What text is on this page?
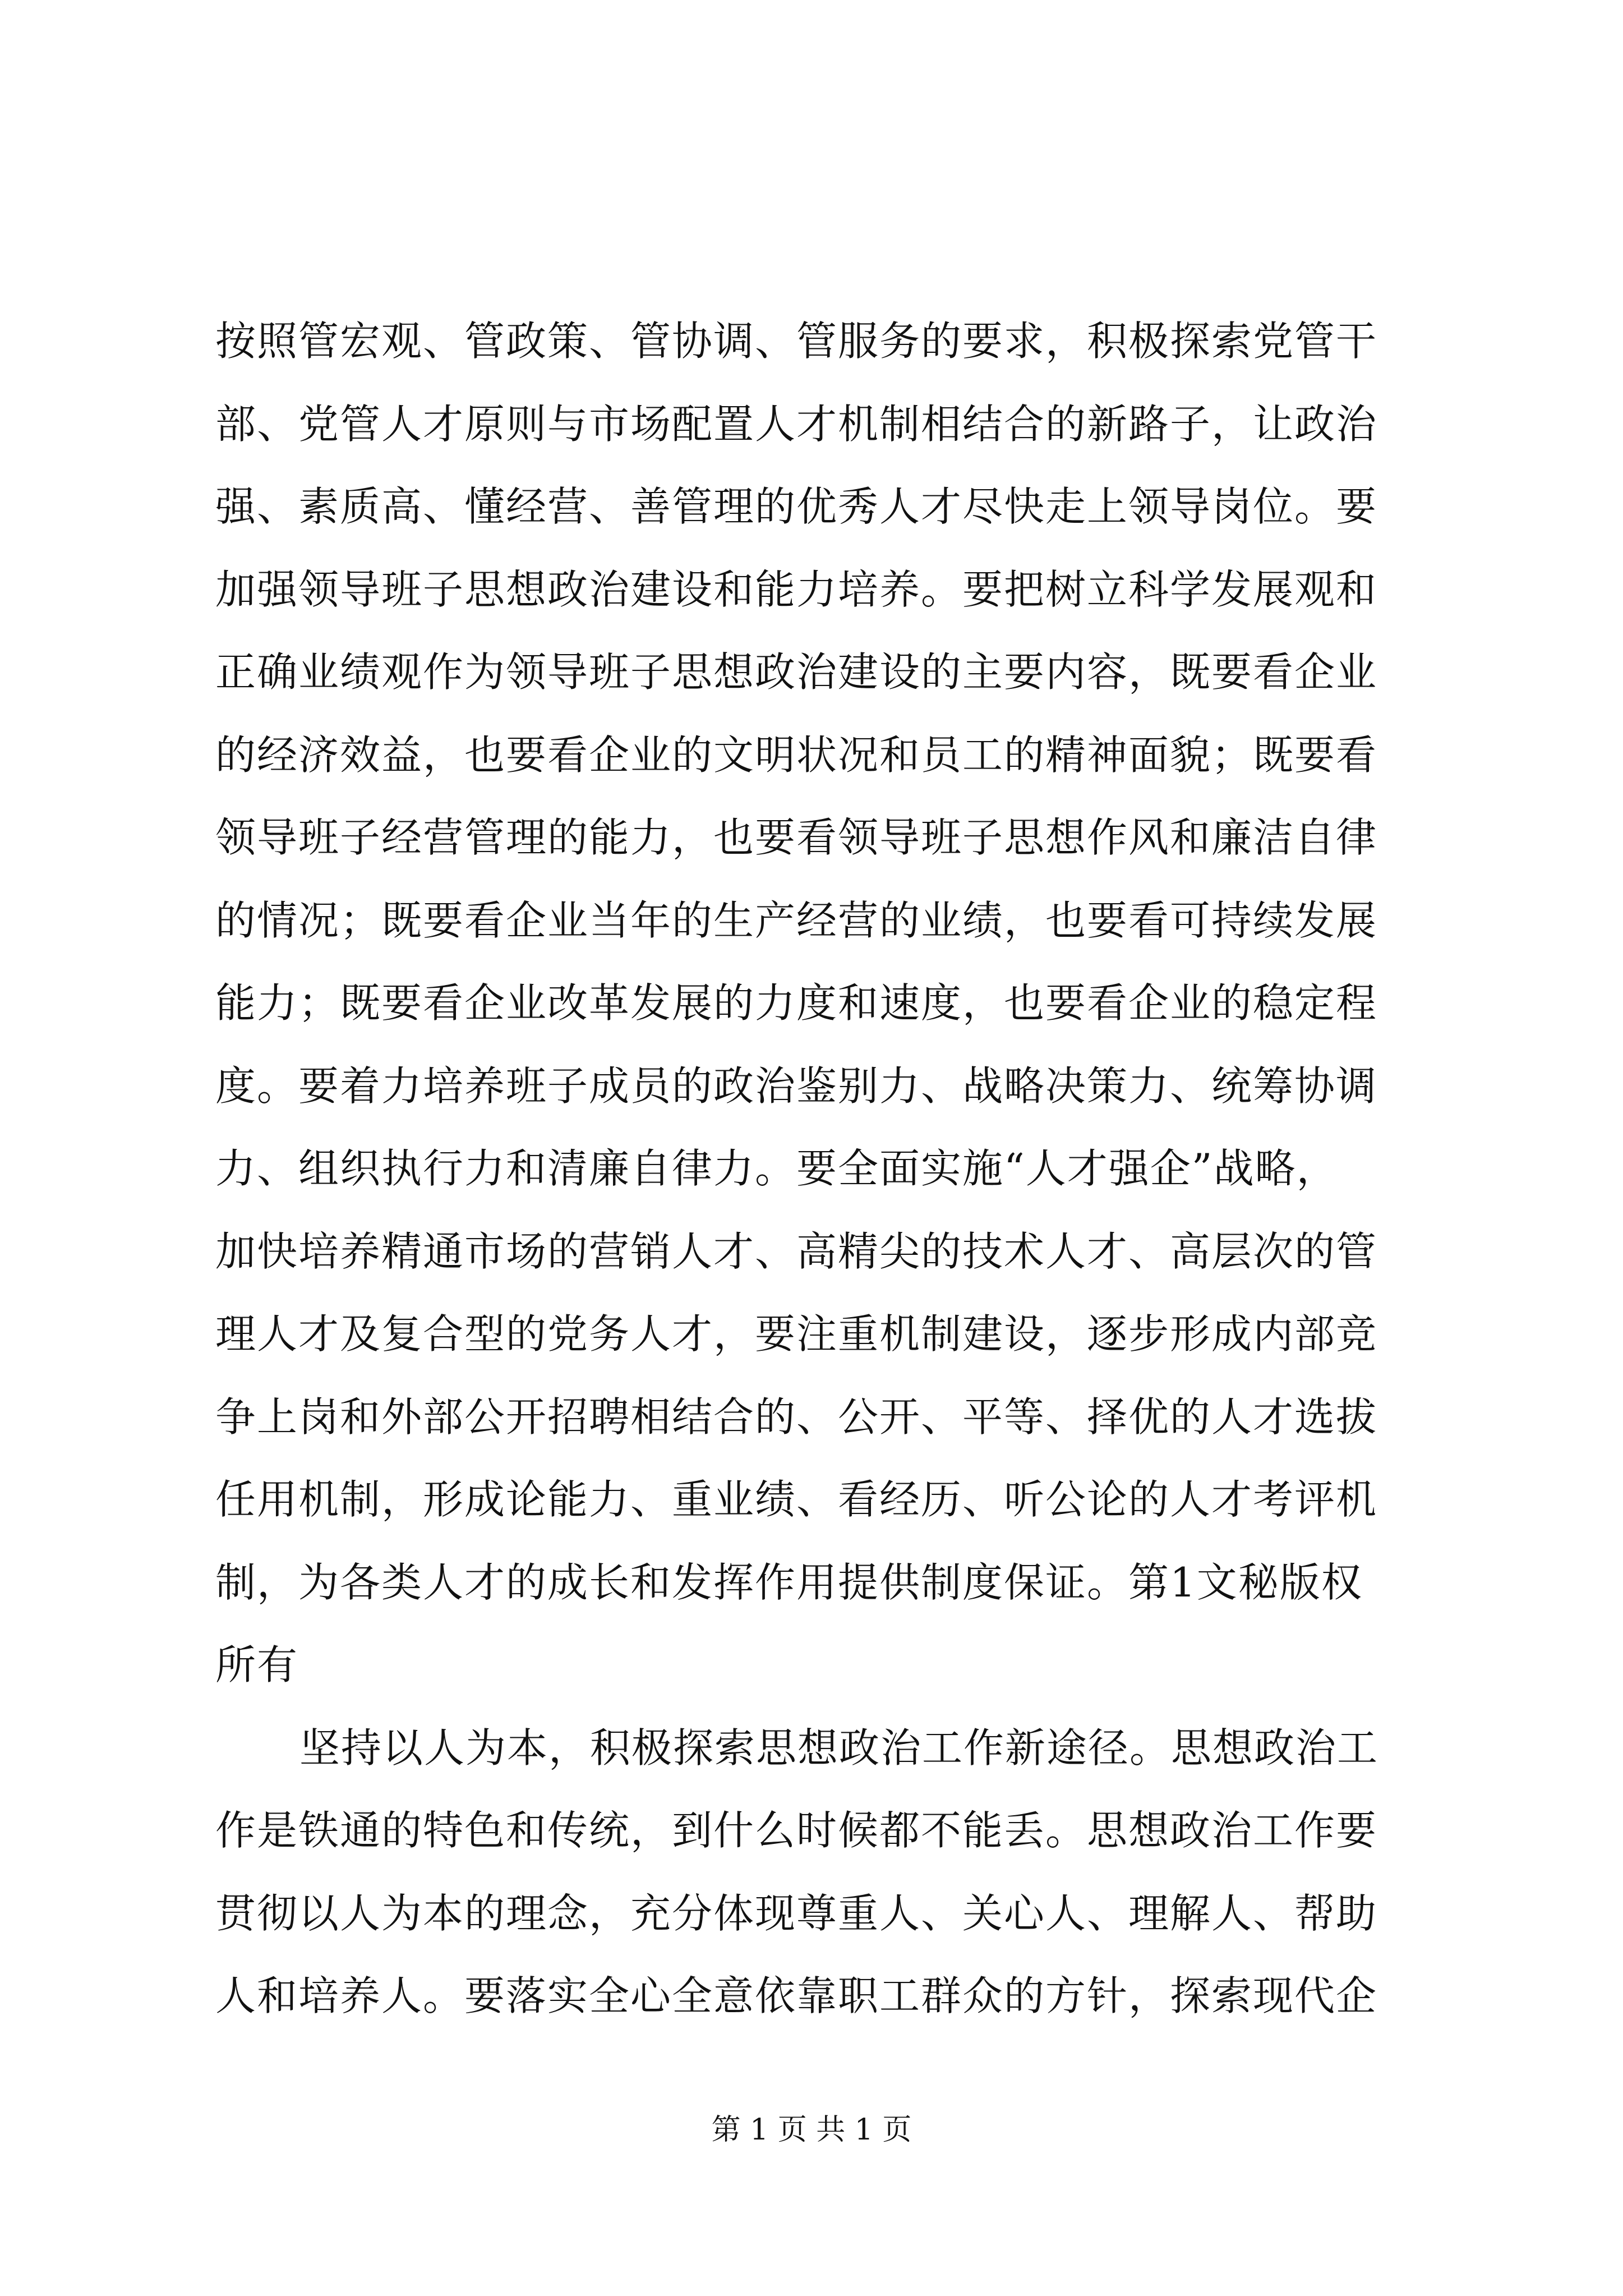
按照管宏观、管政策、管协调、管服务的要求，积极探索党管干
部、党管人才原则与市场配置人才机制相结合的新路子，让政治
强、素质高、懂经营、善管理的优秀人才尽快走上领导岗位。要
加强领导班子思想政治建设和能力培养。要把树立科学发展观和
正确业绩观作为领导班子思想政治建设的主要内容，既要看企业
的经济效益，也要看企业的文明状况和员工的精神面貌；既要看
领导班子经营管理的能力，也要看领导班子思想作风和廉洁自律
的情况；既要看企业当年的生产经营的业绩，也要看可持续发展
能力；既要看企业改革发展的力度和速度，也要看企业的稳定程
度。要着力培养班子成员的政治鉴别力、战略决策力、统筹协调
力、组织执行力和清廉自律力。要全面实施“人才强企”战略，
加快培养精通市场的营销人才、高精尖的技术人才、高层次的管
理人才及复合型的党务人才，要注重机制建设，逐步形成内部竞
争上岗和外部公开招聘相结合的、公开、平等、择优的人才选拔
任用机制，形成论能力、重业绩、看经历、听公论的人才考评机
制，为各类人才的成长和发挥作用提供制度保证。第1文秘版权
所有
坚持以人为本，积极探索思想政治工作新途径。思想政治工
作是铁通的特色和传统，到什么时候都不能丢。思想政治工作要
贯彻以人为本的理念，充分体现尊重人、关心人、理解人、帮助
人和培养人。要落实全心全意依靠职工群众的方针，探索现代企
第 1 页 共 1 页
